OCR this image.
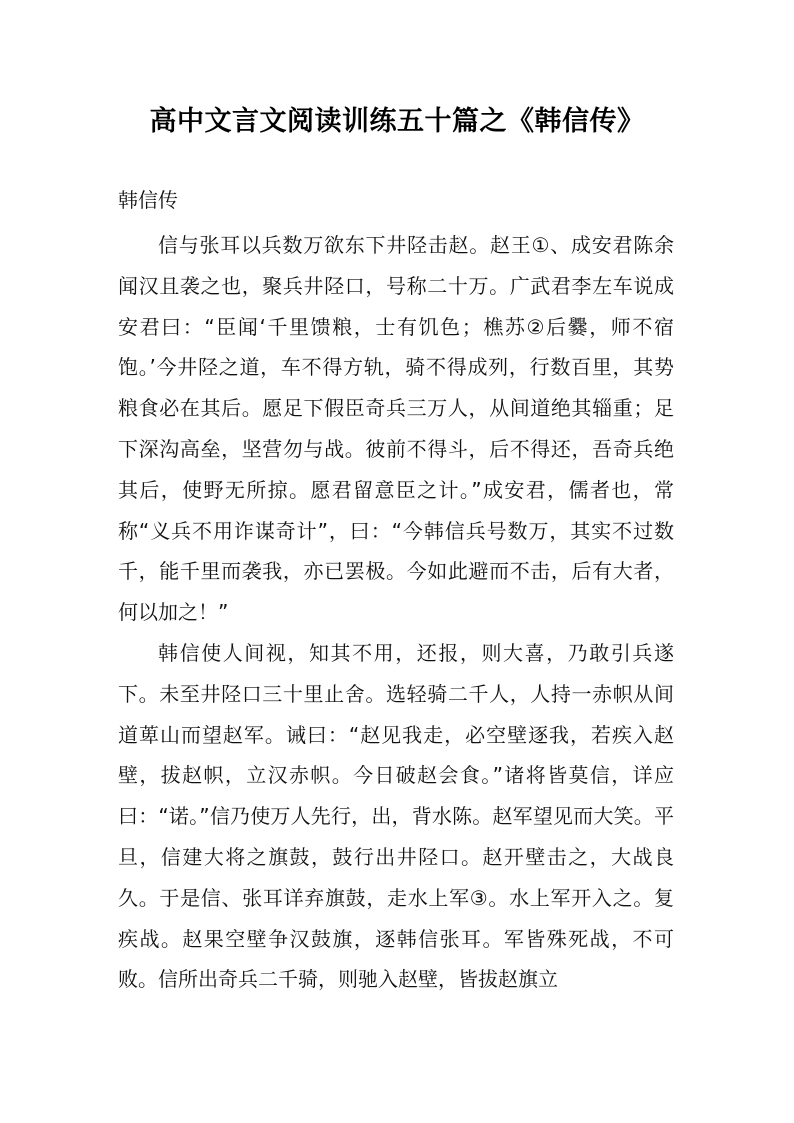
高中文言文阅读训练五十篇之《韩信传》
韩信传

信与张耳以兵数万欲东下井陉击赵。赵王①、成安君陈余闻汉且袭之也，聚兵井陉口，号称二十万。广武君李左车说成安君曰：“臣闻‘千里馈粮，士有饥色；樵苏②后爨，师不宿饱。’今井陉之道，车不得方轨，骑不得成列，行数百里，其势粮食必在其后。愿足下假臣奇兵三万人，从间道绝其辎重；足下深沟高垒，坚营勿与战。彼前不得斗，后不得还，吾奇兵绝其后，使野无所掠。愿君留意臣之计。”成安君，儒者也，常称“义兵不用诈谋奇计”，曰：“今韩信兵号数万，其实不过数千，能千里而袭我，亦已罢极。今如此避而不击，后有大者，何以加之！”

韩信使人间视，知其不用，还报，则大喜，乃敢引兵遂下。未至井陉口三十里止舍。选轻骑二千人，人持一赤帜从间道萆山而望赵军。诫曰：“赵见我走，必空壁逐我，若疾入赵壁，拔赵帜，立汉赤帜。今日破赵会食。”诸将皆莫信，详应曰：“诺。”信乃使万人先行，出，背水陈。赵军望见而大笑。平旦，信建大将之旗鼓，鼓行出井陉口。赵开壁击之，大战良久。于是信、张耳详弃旗鼓，走水上军③。水上军开入之。复疾战。赵果空壁争汉鼓旗，逐韩信张耳。军皆殊死战，不可败。信所出奇兵二千骑，则驰入赵壁，皆拔赵旗立
